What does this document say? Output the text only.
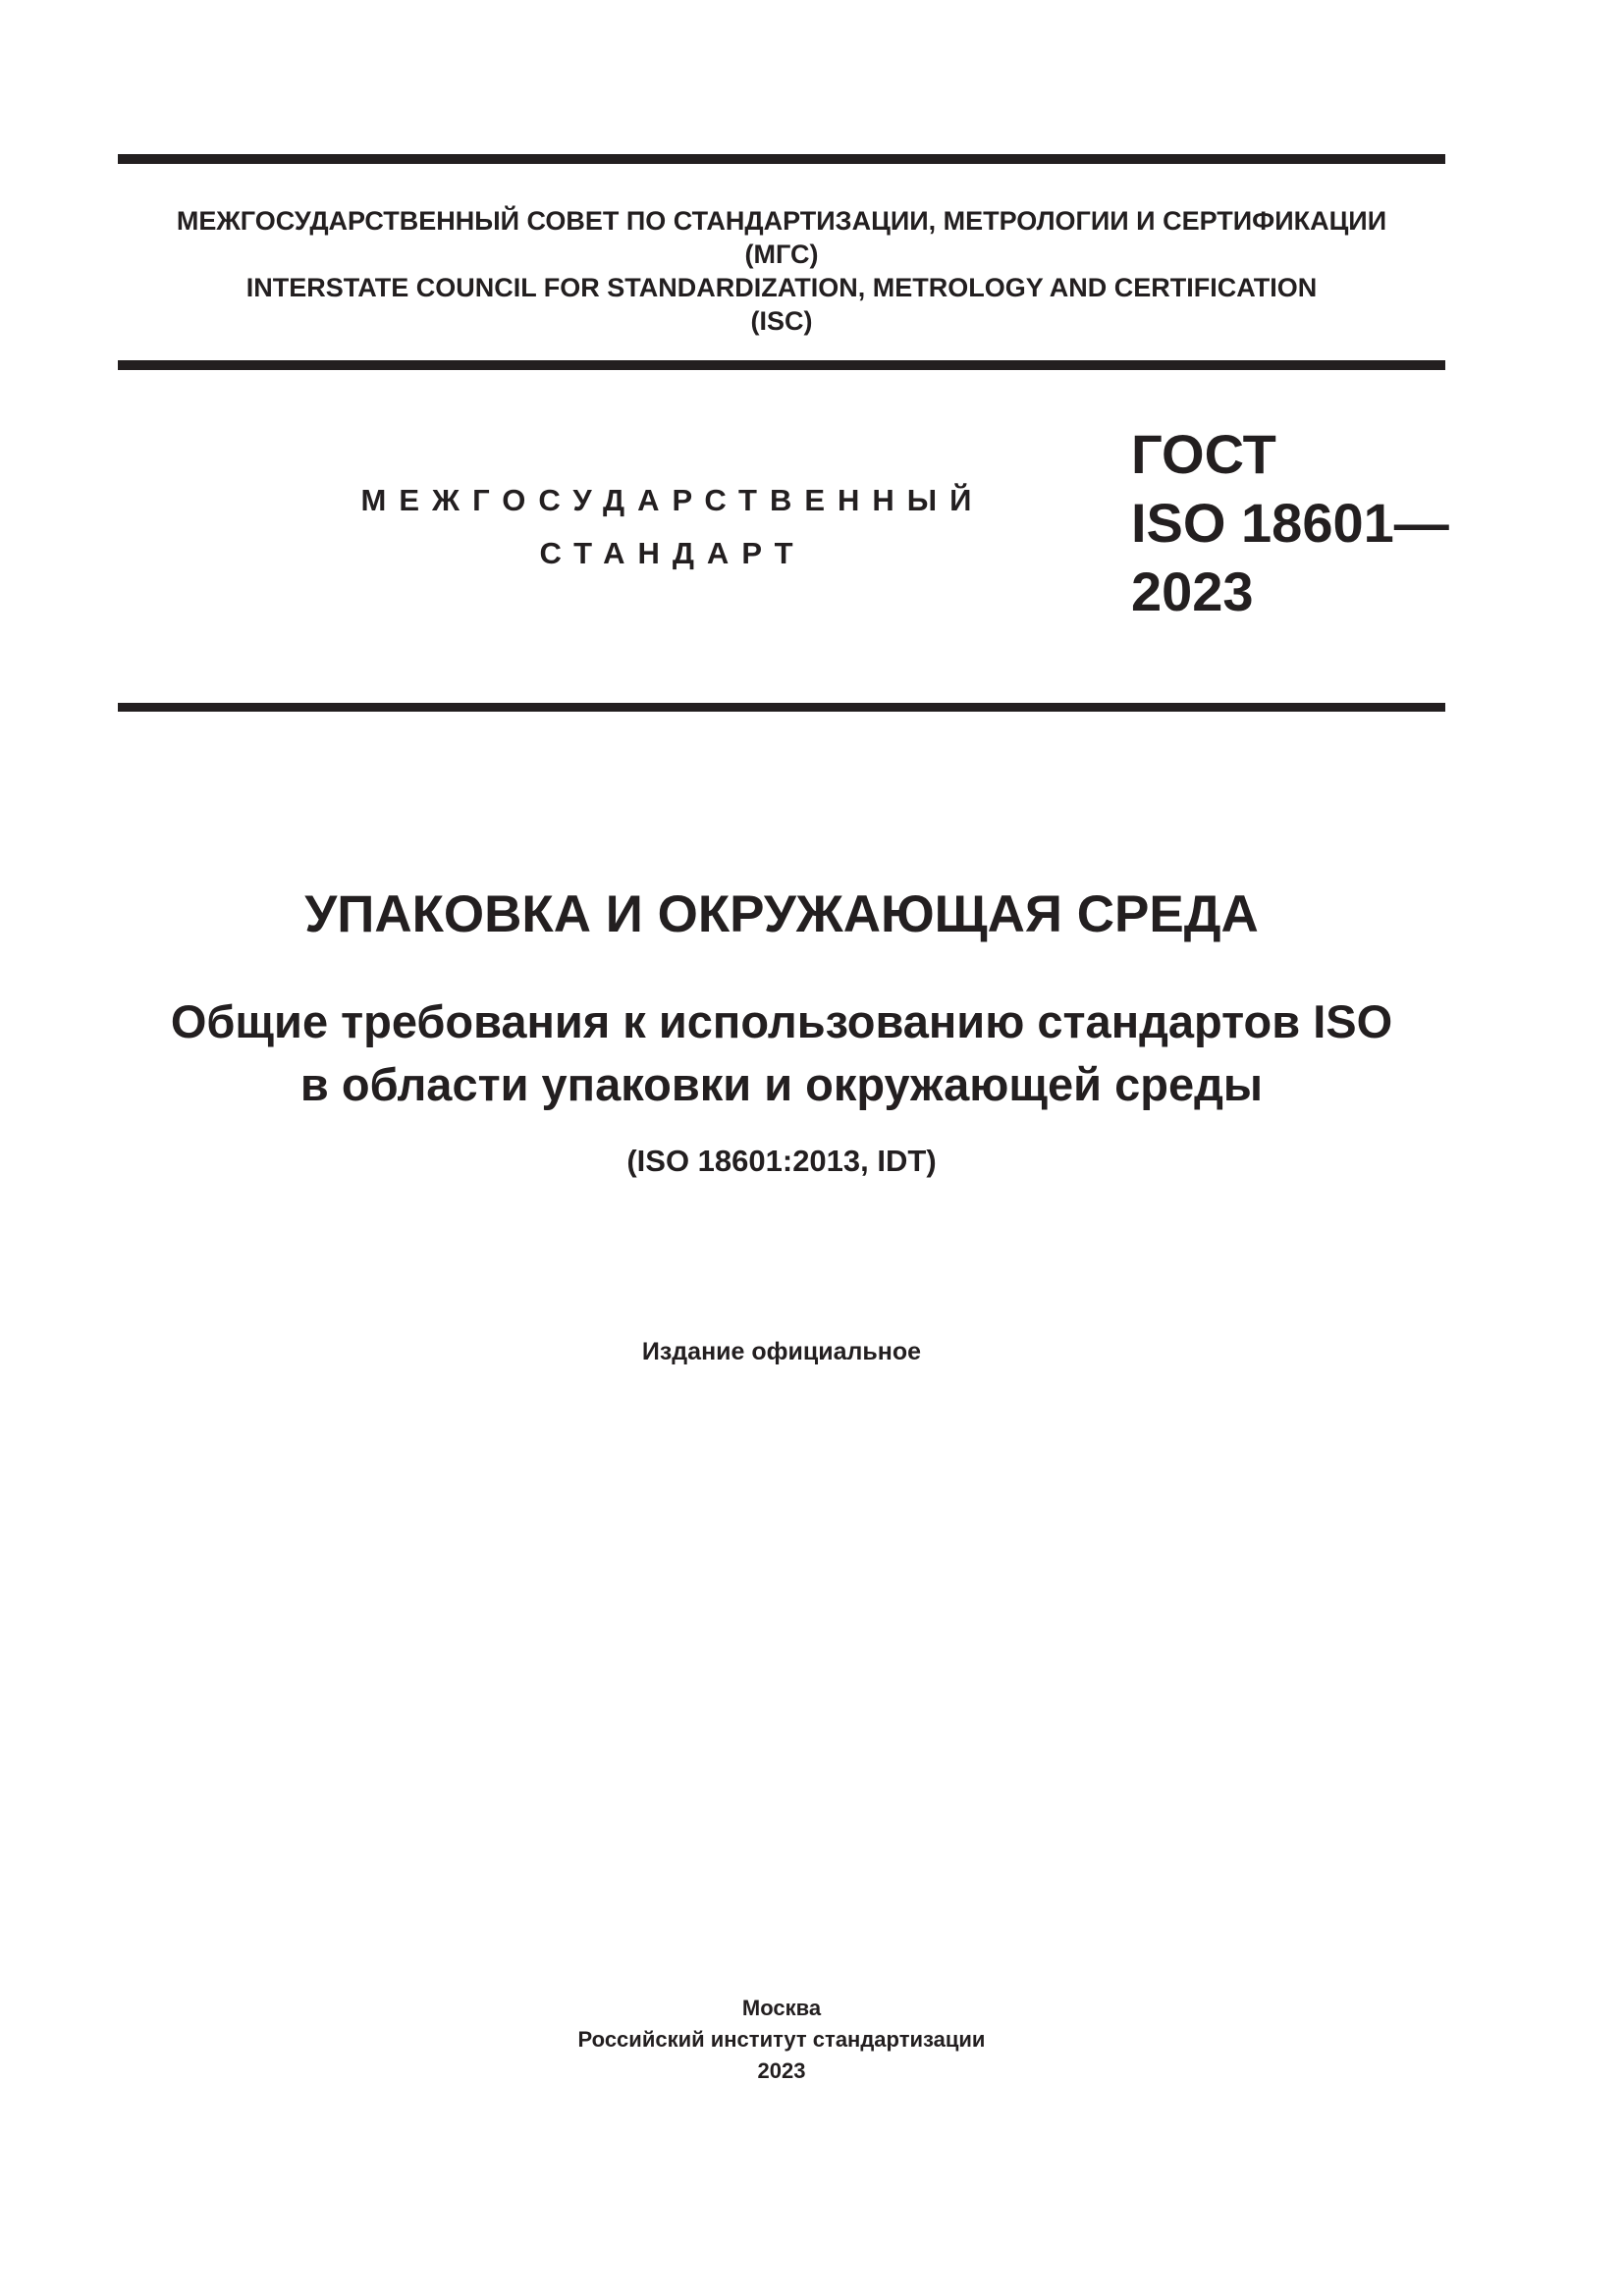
МЕЖГОСУДАРСТВЕННЫЙ СОВЕТ ПО СТАНДАРТИЗАЦИИ, МЕТРОЛОГИИ И СЕРТИФИКАЦИИ
(МГС)
INTERSTATE COUNCIL FOR STANDARDIZATION, METROLOGY AND CERTIFICATION
(ISC)
МЕЖГОСУДАРСТВЕННЫЙ
СТАНДАРТ
ГОСТ
ISO 18601—
2023
УПАКОВКА И ОКРУЖАЮЩАЯ СРЕДА
Общие требования к использованию стандартов ISO
в области упаковки и окружающей среды
(ISO 18601:2013, IDT)
Издание официальное
Москва
Российский институт стандартизации
2023
